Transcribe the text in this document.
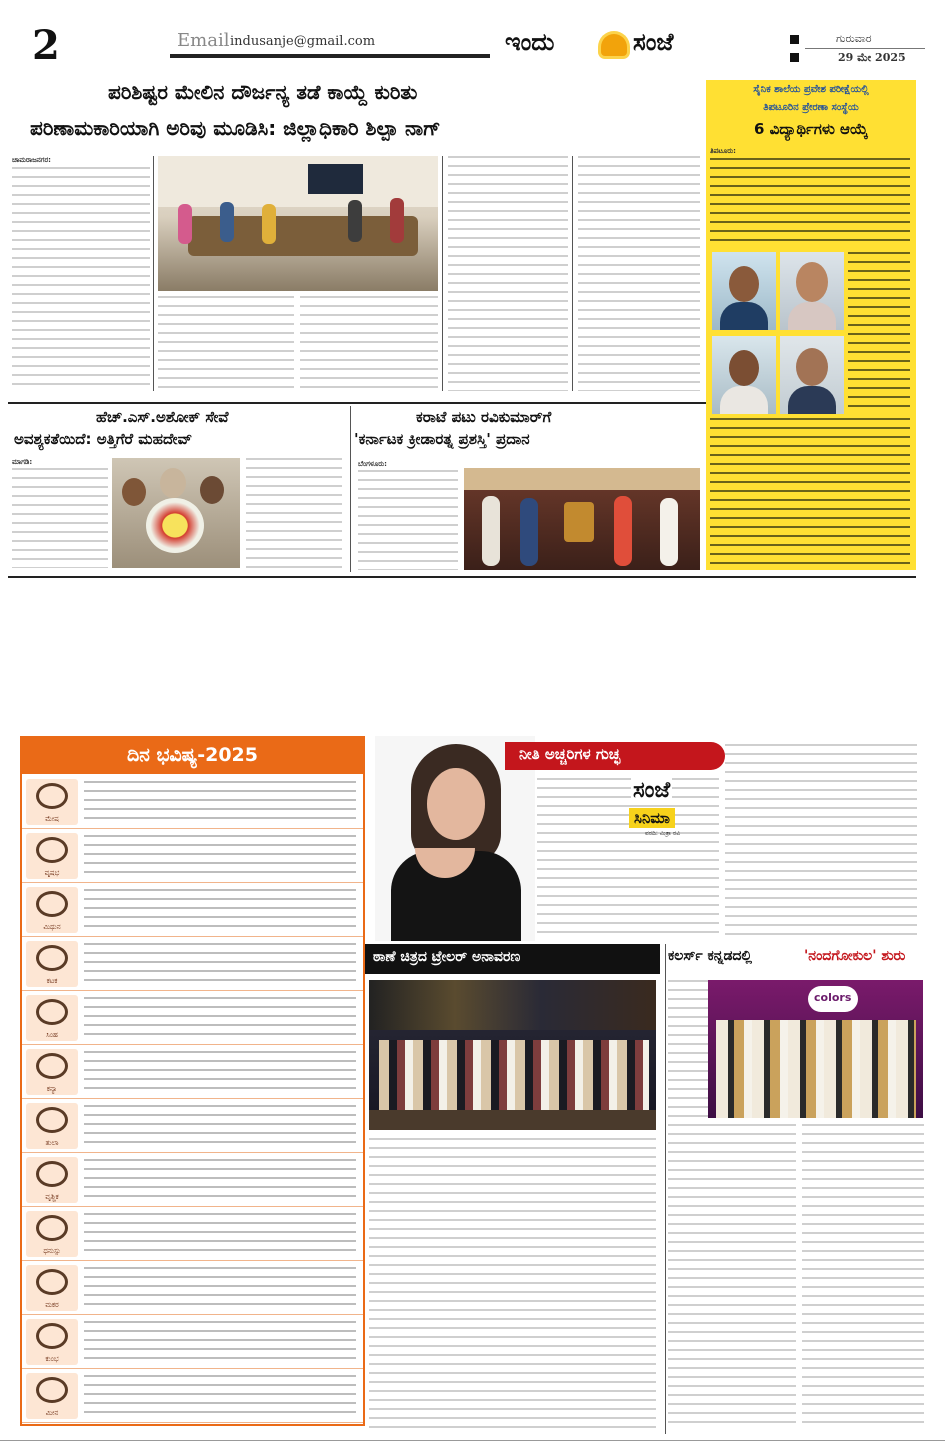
2	Email indusanje@gmail.com	ಇಂದು	ಸಂಜೆ	ಗುರುವಾರ
29 ಮೇ 2025
ಪರಿಶಿಷ್ಟರ ಮೇಲಿನ ದೌರ್ಜನ್ಯ ತಡೆ ಕಾಯ್ದೆ ಕುರಿತು
ಪರಿಣಾಮಕಾರಿಯಾಗಿ ಅರಿವು ಮೂಡಿಸಿ: ಜಿಲ್ಲಾಧಿಕಾರಿ ಶಿಲ್ಪಾ ನಾಗ್
ಚಾಮರಾಜನಗರ:
ಸೈನಿಕ ಶಾಲೆಯ ಪ್ರವೇಶ ಪರೀಕ್ಷೆಯಲ್ಲಿ
ತಿಪಟೂರಿನ ಪ್ರೇರಣಾ ಸಂಸ್ಥೆಯ
6 ವಿದ್ಯಾರ್ಥಿಗಳು ಆಯ್ಕೆ
ತಿಪಟೂರು:
ಹೆಚ್.ಎಸ್.ಅಶೋಕ್ ಸೇವೆ
ಅವಶ್ಯಕತೆಯಿದೆ: ಅತ್ತಿಗೆರೆ ಮಹದೇವ್
ಮಾಗಡಿ:
ಕರಾಟೆ ಪಟು ರವಿಕುಮಾರ್‌ಗೆ
'ಕರ್ನಾಟಕ ಕ್ರೀಡಾರತ್ನ ಪ್ರಶಸ್ತಿ' ಪ್ರದಾನ
ಬೆಂಗಳೂರು:
ದಿನ ಭವಿಷ್ಯ-2025
ಮೇಷ
ವೃಷಭ
ಮಿಥುನ
ಕಟಕ
ಸಿಂಹ
ಕನ್ಯಾ
ತುಲಾ
ವೃಶ್ಚಿಕ
ಧನುಸ್ಸು
ಮಕರ
ಕುಂಭ
ಮೀನ
ನೀತಿ ಅಚ್ಚರಿಗಳ ಗುಚ್ಛ
ಸಂಜೆ
ಸಿನಿಮಾ
ವರದಿ: ಮಿತ್ರಾ ರವಿ
ಠಾಣೆ ಚಿತ್ರದ ಟ್ರೇಲರ್ ಅನಾವರಣ	ಕಲರ್ಸ್ ಕನ್ನಡದಲ್ಲಿ	'ನಂದಗೋಕುಲ' ಶುರು
colors
